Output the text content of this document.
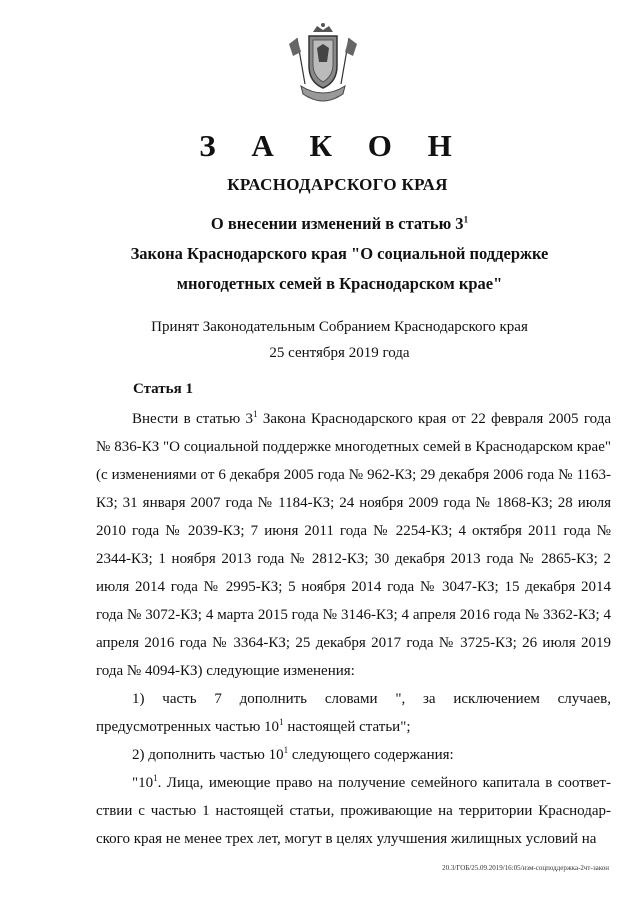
З А К О Н
КРАСНОДАРСКОГО КРАЯ
О внесении изменений в статью $3^1$
Закона Краснодарского края "О социальной поддержке
многодетных семей в Краснодарском крае"
Принят Законодательным Собранием Краснодарского края
25 сентября 2019 года
Статья 1

Внести в статью $3^1$ Закона Краснодарского края от 22 февраля 2005 года № 836-КЗ "О социальной поддержке многодетных семей в Краснодарском крае" (с изменениями от 6 декабря 2005 года № 962-КЗ; 29 декабря 2006 года № 1163-КЗ; 31 января 2007 года № 1184-КЗ; 24 ноября 2009 года № 1868-КЗ; 28 июля 2010 года № 2039-КЗ; 7 июня 2011 года № 2254-КЗ; 4 октября 2011 года № 2344-КЗ; 1 ноября 2013 года № 2812-КЗ; 30 декабря 2013 года № 2865-КЗ; 2 июля 2014 года № 2995-КЗ; 5 ноября 2014 года № 3047-КЗ; 15 декабря 2014 года № 3072-КЗ; 4 марта 2015 года № 3146-КЗ; 4 апреля 2016 года № 3362-КЗ; 4 апреля 2016 года № 3364-КЗ; 25 декабря 2017 года № 3725-КЗ; 26 июля 2019 года № 4094-КЗ) следующие изменения:

1) часть 7 дополнить словами ", за исключением случаев, предусмотренных частью $10^1$ настоящей статьи";

2) дополнить частью $10^1$ следующего содержания:

"$10^1$. Лица, имеющие право на получение семейного капитала в соответ-ствии с частью 1 настоящей статьи, проживающие на территории Краснодар-ского края не менее трех лет, могут в целях улучшения жилищных условий на

20.3/ГОБ/25.09.2019/16:05/изм-соцподдержка-2чт-закон
